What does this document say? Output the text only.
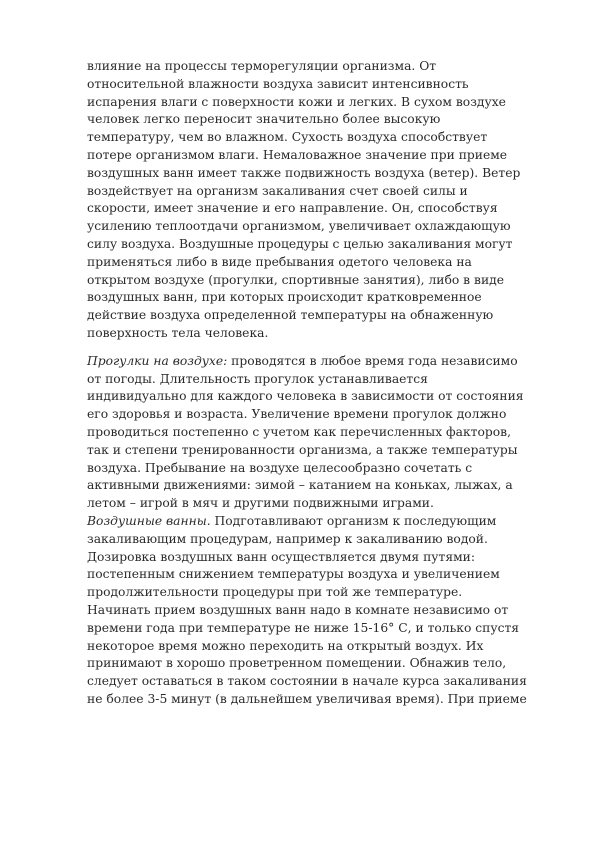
влияние на процессы терморегуляции организма. От
относительной влажности воздуха зависит интенсивность
испарения влаги с поверхности кожи и легких. В сухом воздухе
человек легко переносит значительно более высокую
температуру, чем во влажном. Сухость воздуха способствует
потере организмом влаги. Немаловажное значение при приеме
воздушных ванн имеет также подвижность воздуха (ветер). Ветер
воздействует на организм закаливания счет своей силы и
скорости, имеет значение и его направление. Он, способствуя
усилению теплоотдачи организмом, увеличивает охлаждающую
силу воздуха. Воздушные процедуры с целью закаливания могут
применяться либо в виде пребывания одетого человека на
открытом воздухе (прогулки, спортивные занятия), либо в виде
воздушных ванн, при которых происходит кратковременное
действие воздуха определенной температуры на обнаженную
поверхность тела человека.
Прогулки на воздухе: проводятся в любое время года независимо
от погоды. Длительность прогулок устанавливается
индивидуально для каждого человека в зависимости от состояния
его здоровья и возраста. Увеличение времени прогулок должно
проводиться постепенно с учетом как перечисленных факторов,
так и степени тренированности организма, а также температуры
воздуха. Пребывание на воздухе целесообразно сочетать с
активными движениями: зимой – катанием на коньках, лыжах, а
летом – игрой в мяч и другими подвижными играми.
Воздушные ванны. Подготавливают организм к последующим
закаливающим процедурам, например к закаливанию водой.
Дозировка воздушных ванн осуществляется двумя путями:
постепенным снижением температуры воздуха и увеличением
продолжительности процедуры при той же температуре.
Начинать прием воздушных ванн надо в комнате независимо от
времени года при температуре не ниже 15-16° С, и только спустя
некоторое время можно переходить на открытый воздух. Их
принимают в хорошо проветренном помещении. Обнажив тело,
следует оставаться в таком состоянии в начале курса закаливания
не более 3-5 минут (в дальнейшем увеличивая время). При приеме
